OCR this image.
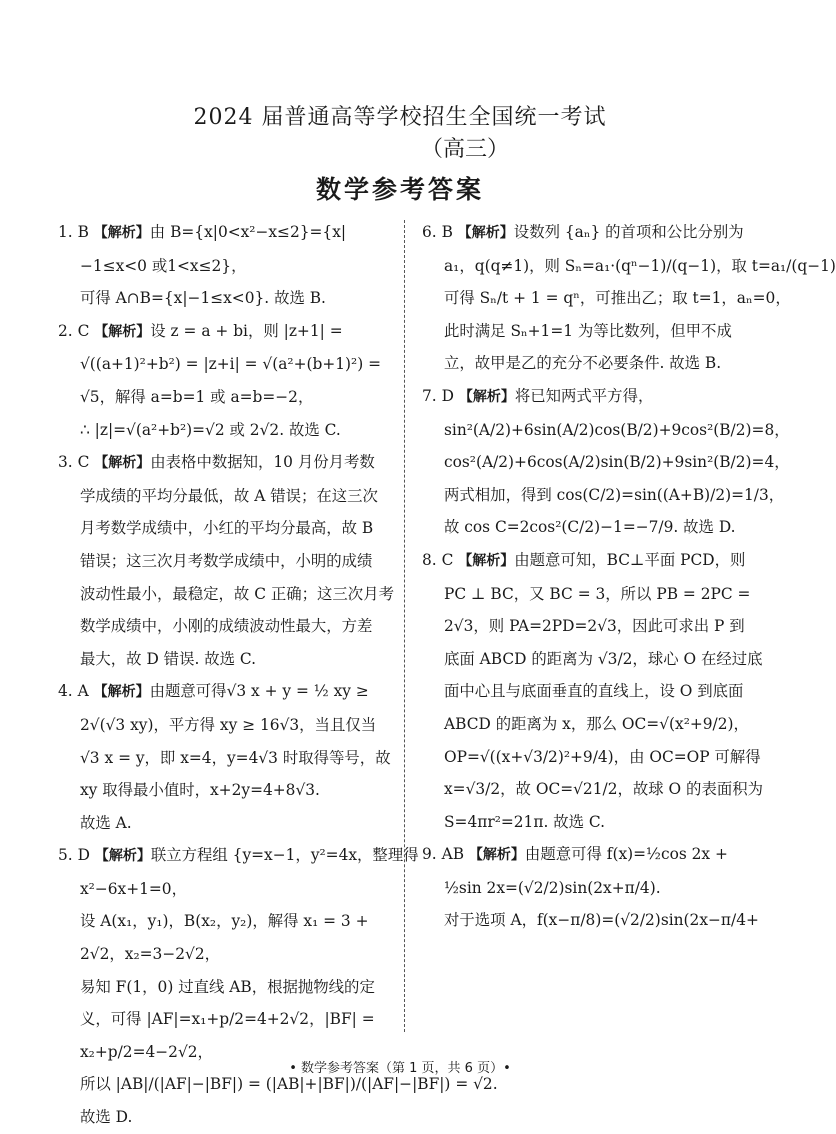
2024 届普通高等学校招生全国统一考试
（高三）
数学参考答案
1. B 【解析】由 B={x|0<x²−x≤2}={x|
−1≤x<0 或1<x≤2}，
可得 A∩B={x|−1≤x<0}. 故选 B.
2. C 【解析】设 z = a + bi，则 |z+1| =
√((a+1)²+b²) = |z+i| = √(a²+(b+1)²) =
√5，解得 a=b=1 或 a=b=−2，
∴ |z|=√(a²+b²)=√2 或 2√2. 故选 C.
3. C 【解析】由表格中数据知，10 月份月考数
学成绩的平均分最低，故 A 错误；在这三次
月考数学成绩中，小红的平均分最高，故 B
错误；这三次月考数学成绩中，小明的成绩
波动性最小，最稳定，故 C 正确；这三次月考
数学成绩中，小刚的成绩波动性最大，方差
最大，故 D 错误. 故选 C.
4. A 【解析】由题意可得√3 x + y = ½ xy ≥
2√(√3 xy)，平方得 xy ≥ 16√3，当且仅当
√3 x = y，即 x=4，y=4√3 时取得等号，故
xy 取得最小值时，x+2y=4+8√3.
故选 A.
5. D 【解析】联立方程组 {y=x−1，y²=4x，整理得
x²−6x+1=0，
设 A(x₁，y₁)，B(x₂，y₂)，解得 x₁ = 3 +
2√2，x₂=3−2√2，
易知 F(1，0) 过直线 AB，根据抛物线的定
义，可得 |AF|=x₁+p/2=4+2√2，|BF| =
x₂+p/2=4−2√2，
所以 |AB|/(|AF|−|BF|) = (|AB|+|BF|)/(|AF|−|BF|) = √2.
故选 D.
6. B 【解析】设数列 {aₙ} 的首项和公比分别为
a₁，q(q≠1)，则 Sₙ=a₁·(qⁿ−1)/(q−1)，取 t=a₁/(q−1)
可得 Sₙ/t + 1 = qⁿ，可推出乙；取 t=1，aₙ=0，
此时满足 Sₙ+1=1 为等比数列，但甲不成
立，故甲是乙的充分不必要条件. 故选 B.
7. D 【解析】将已知两式平方得，
sin²(A/2)+6sin(A/2)cos(B/2)+9cos²(B/2)=8，
cos²(A/2)+6cos(A/2)sin(B/2)+9sin²(B/2)=4，
两式相加，得到 cos(C/2)=sin((A+B)/2)=1/3，
故 cos C=2cos²(C/2)−1=−7/9. 故选 D.
8. C 【解析】由题意可知，BC⊥平面 PCD，则
PC ⊥ BC，又 BC = 3，所以 PB = 2PC =
2√3，则 PA=2PD=2√3，因此可求出 P 到
底面 ABCD 的距离为 √3/2，球心 O 在经过底
面中心且与底面垂直的直线上，设 O 到底面
ABCD 的距离为 x，那么 OC=√(x²+9/2)，
OP=√((x+√3/2)²+9/4)，由 OC=OP 可解得
x=√3/2，故 OC=√21/2，故球 O 的表面积为
S=4πr²=21π. 故选 C.
9. AB 【解析】由题意可得 f(x)=½cos 2x +
½sin 2x=(√2/2)sin(2x+π/4).
对于选项 A，f(x−π/8)=(√2/2)sin(2x−π/4+
• 数学参考答案（第 1 页，共 6 页）•
